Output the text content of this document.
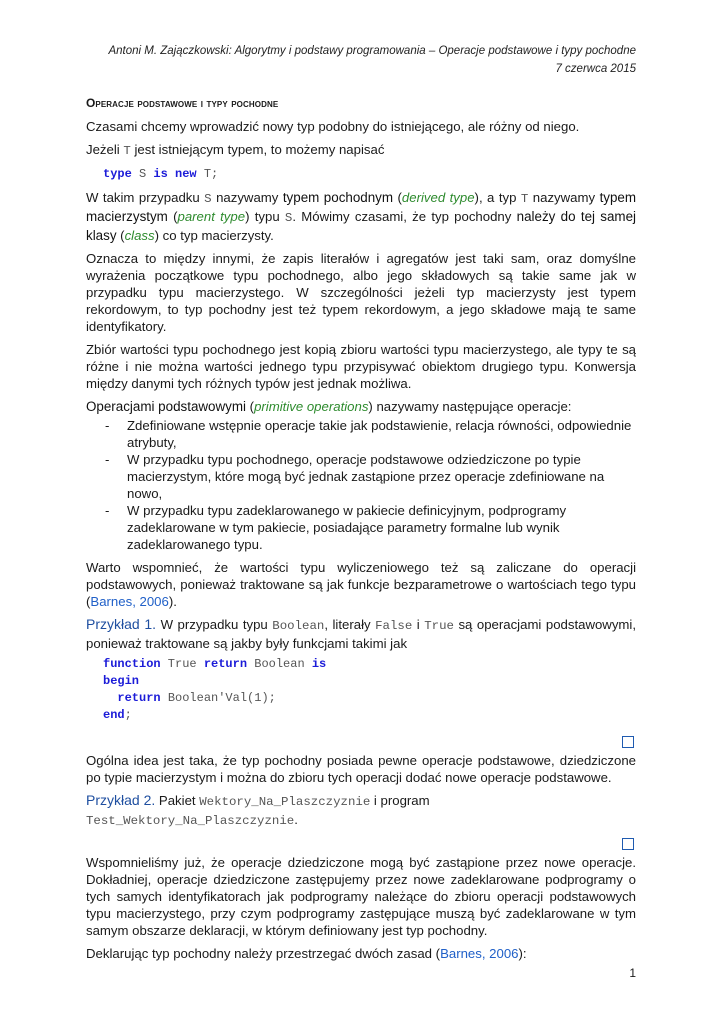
Antoni M. Zajączkowski: Algorytmy i podstawy programowania – Operacje podstawowe i typy pochodne
7 czerwca 2015
Operacje podstawowe i typy pochodne

Czasami chcemy wprowadzić nowy typ podobny do istniejącego, ale różny od niego.

Jeżeli T jest istniejącym typem, to możemy napisać

type S is new T;

W takim przypadku S nazywamy typem pochodnym (derived type), a typ T nazywamy typem macierzystym (parent type) typu S. Mówimy czasami, że typ pochodny należy do tej samej klasy (class) co typ macierzysty.

Oznacza to między innymi, że zapis literałów i agregatów jest taki sam, oraz domyślne wyrażenia początkowe typu pochodnego, albo jego składowych są takie same jak w przypadku typu macierzystego. W szczególności jeżeli typ macierzysty jest typem rekordowym, to typ pochodny jest też typem rekordowym, a jego składowe mają te same identyfikatory.

Zbiór wartości typu pochodnego jest kopią zbioru wartości typu macierzystego, ale typy te są różne i nie można wartości jednego typu przypisywać obiektom drugiego typu. Konwersja między danymi tych różnych typów jest jednak możliwa.

Operacjami podstawowymi (primitive operations) nazywamy następujące operacje:

- Zdefiniowane wstępnie operacje takie jak podstawienie, relacja równości, odpowiednie atrybuty,
- W przypadku typu pochodnego, operacje podstawowe odziedziczone po typie macierzystym, które mogą być jednak zastąpione przez operacje zdefiniowane na nowo,
- W przypadku typu zadeklarowanego w pakiecie definicyjnym, podprogramy zadeklarowane w tym pakiecie, posiadające parametry formalne lub wynik zadeklarowanego typu.

Warto wspomnieć, że wartości typu wyliczeniowego też są zaliczane do operacji podstawowych, ponieważ traktowane są jak funkcje bezparametrowe o wartościach tego typu (Barnes, 2006).

Przykład 1. W przypadku typu Boolean, literały False i True są operacjami podstawowymi, ponieważ traktowane są jakby były funkcjami takimi jak

function True return Boolean is
begin
return Boolean'Val(1);
end;

Ogólna idea jest taka, że typ pochodny posiada pewne operacje podstawowe, dziedziczone po typie macierzystym i można do zbioru tych operacji dodać nowe operacje podstawowe.

Przykład 2. Pakiet Wektory_Na_Plaszczyznie i program
Test_Wektory_Na_Plaszczyznie.

Wspomnieliśmy już, że operacje dziedziczone mogą być zastąpione przez nowe operacje. Dokładniej, operacje dziedziczone zastępujemy przez nowe zadeklarowane podprogramy o tych samych identyfikatorach jak podprogramy należące do zbioru operacji podstawowych typu macierzystego, przy czym podprogramy zastępujące muszą być zadeklarowane w tym samym obszarze deklaracji, w którym definiowany jest typ pochodny.

Deklarując typ pochodny należy przestrzegać dwóch zasad (Barnes, 2006):

1
